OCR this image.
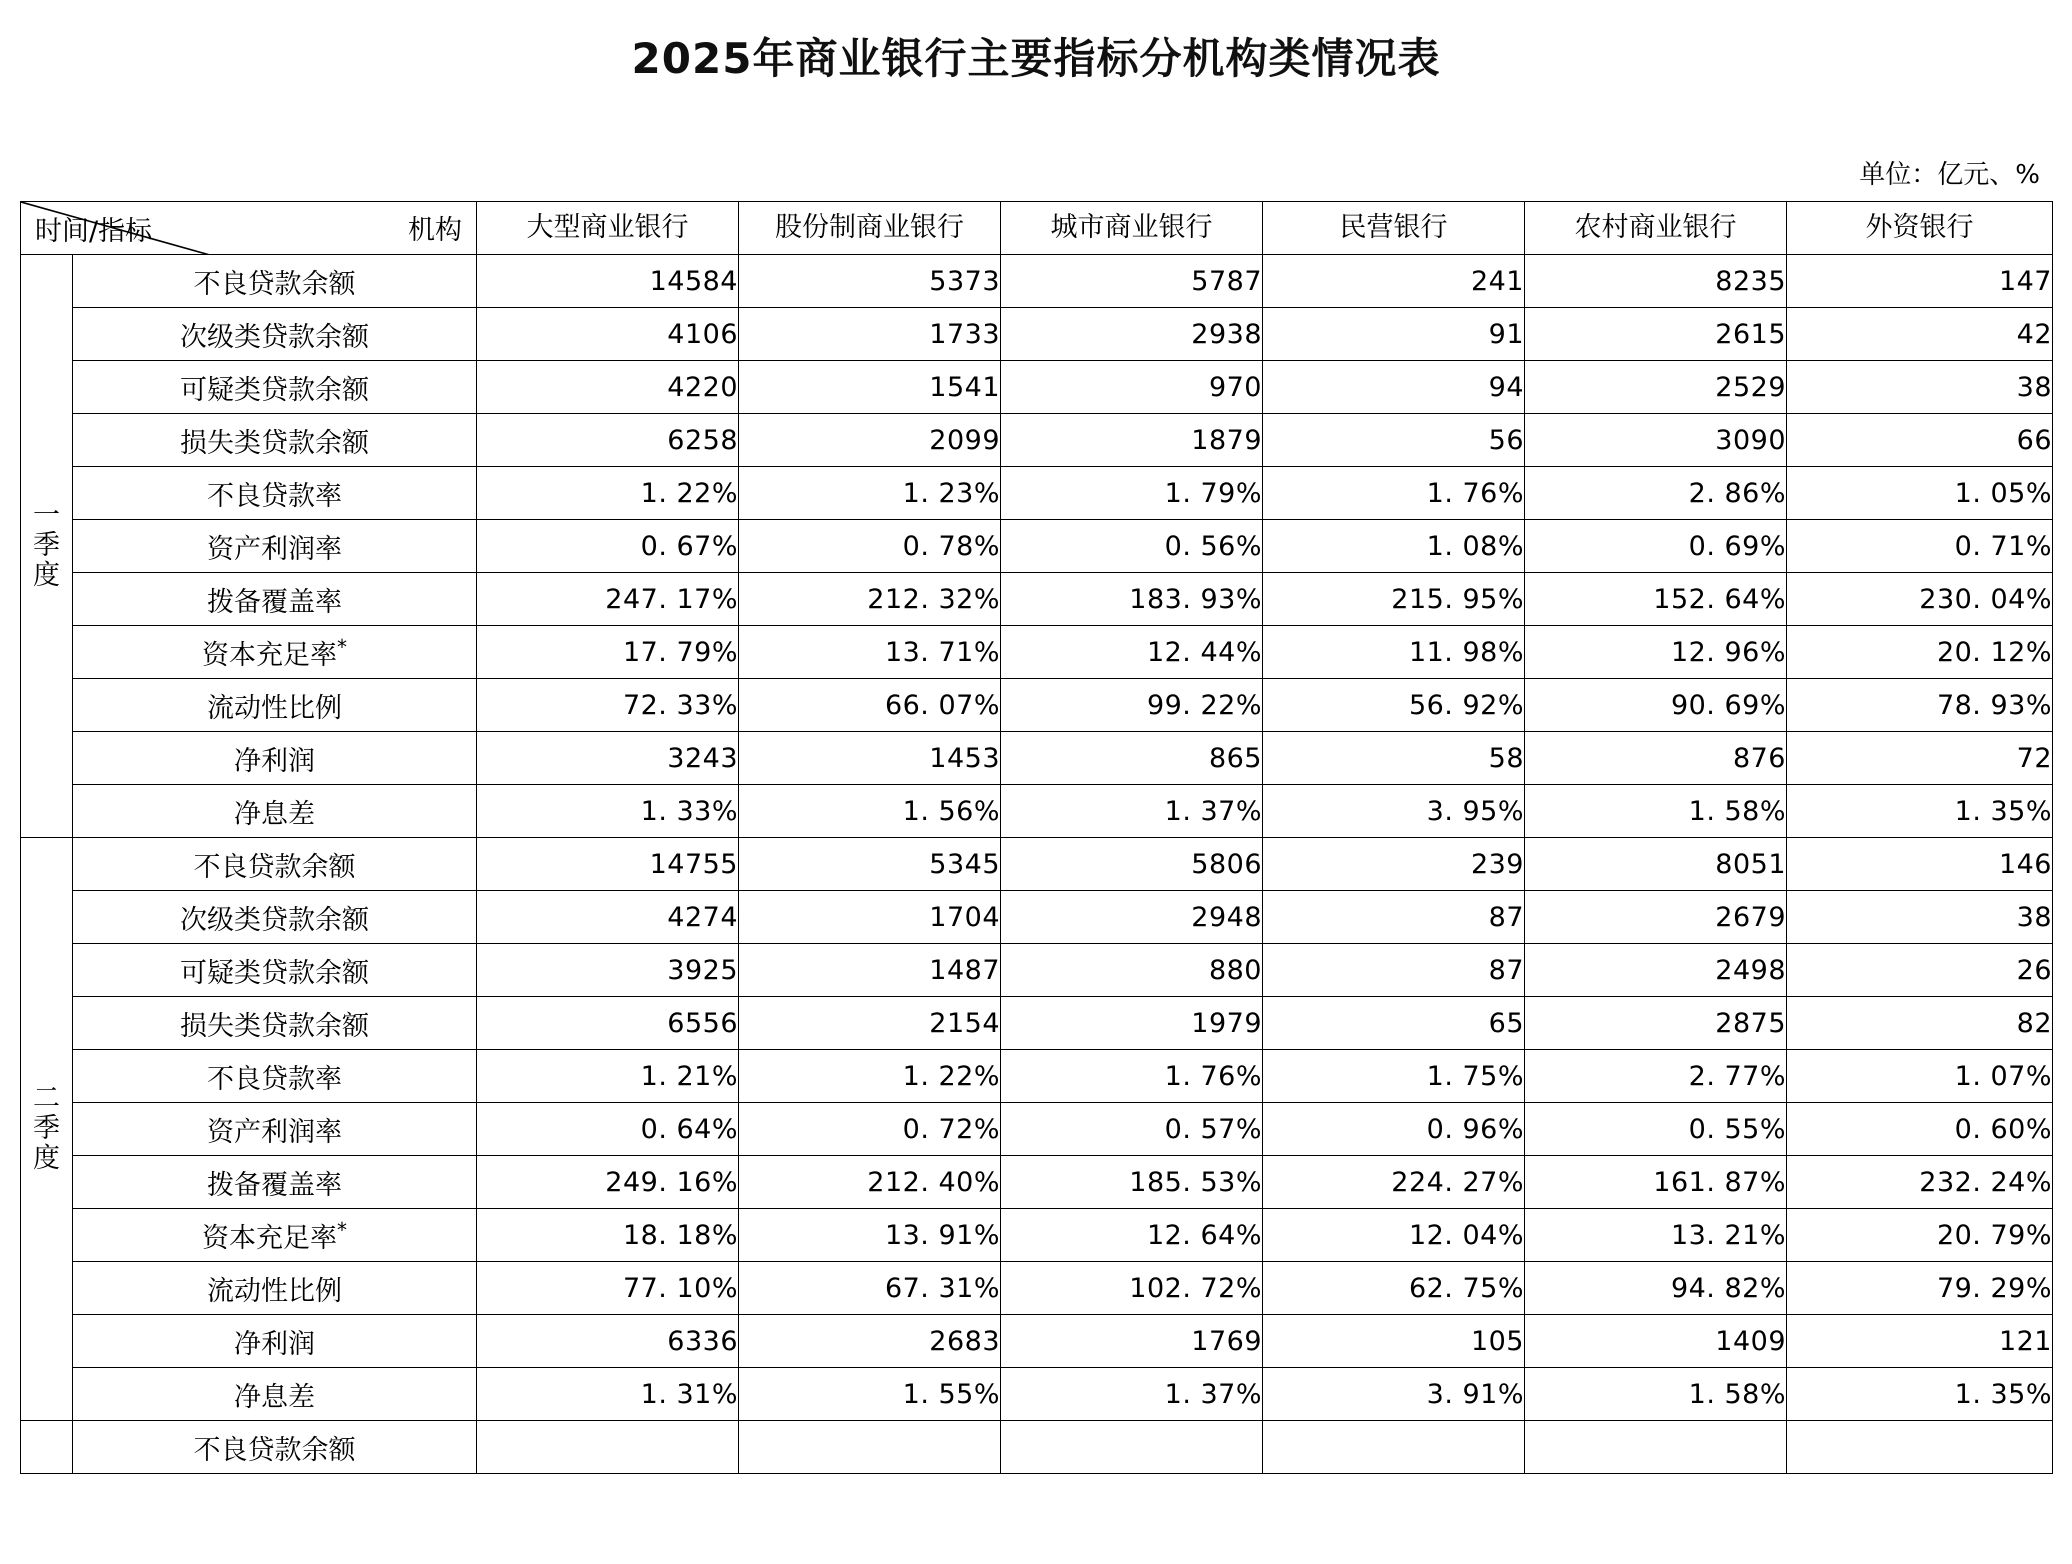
2025年商业银行主要指标分机构类情况表
单位：亿元、%
机构
时间/指标		大型商业银行	股份制商业银行	城市商业银行	民营银行	农村商业银行	外资银行
一季度	不良贷款余额	14584	5373	5787	241	8235	147
	次级类贷款余额	4106	1733	2938	91	2615	42
	可疑类贷款余额	4220	1541	970	94	2529	38
	损失类贷款余额	6258	2099	1879	56	3090	66
	不良贷款率	1. 22%	1. 23%	1. 79%	1. 76%	2. 86%	1. 05%
	资产利润率	0. 67%	0. 78%	0. 56%	1. 08%	0. 69%	0. 71%
	拨备覆盖率	247. 17%	212. 32%	183. 93%	215. 95%	152. 64%	230. 04%
	资本充足率*	17. 79%	13. 71%	12. 44%	11. 98%	12. 96%	20. 12%
	流动性比例	72. 33%	66. 07%	99. 22%	56. 92%	90. 69%	78. 93%
	净利润	3243	1453	865	58	876	72
	净息差	1. 33%	1. 56%	1. 37%	3. 95%	1. 58%	1. 35%
二季度	不良贷款余额	14755	5345	5806	239	8051	146
	次级类贷款余额	4274	1704	2948	87	2679	38
	可疑类贷款余额	3925	1487	880	87	2498	26
	损失类贷款余额	6556	2154	1979	65	2875	82
	不良贷款率	1. 21%	1. 22%	1. 76%	1. 75%	2. 77%	1. 07%
	资产利润率	0. 64%	0. 72%	0. 57%	0. 96%	0. 55%	0. 60%
	拨备覆盖率	249. 16%	212. 40%	185. 53%	224. 27%	161. 87%	232. 24%
	资本充足率*	18. 18%	13. 91%	12. 64%	12. 04%	13. 21%	20. 79%
	流动性比例	77. 10%	67. 31%	102. 72%	62. 75%	94. 82%	79. 29%
	净利润	6336	2683	1769	105	1409	121
	净息差	1. 31%	1. 55%	1. 37%	3. 91%	1. 58%	1. 35%
	不良贷款余额						
